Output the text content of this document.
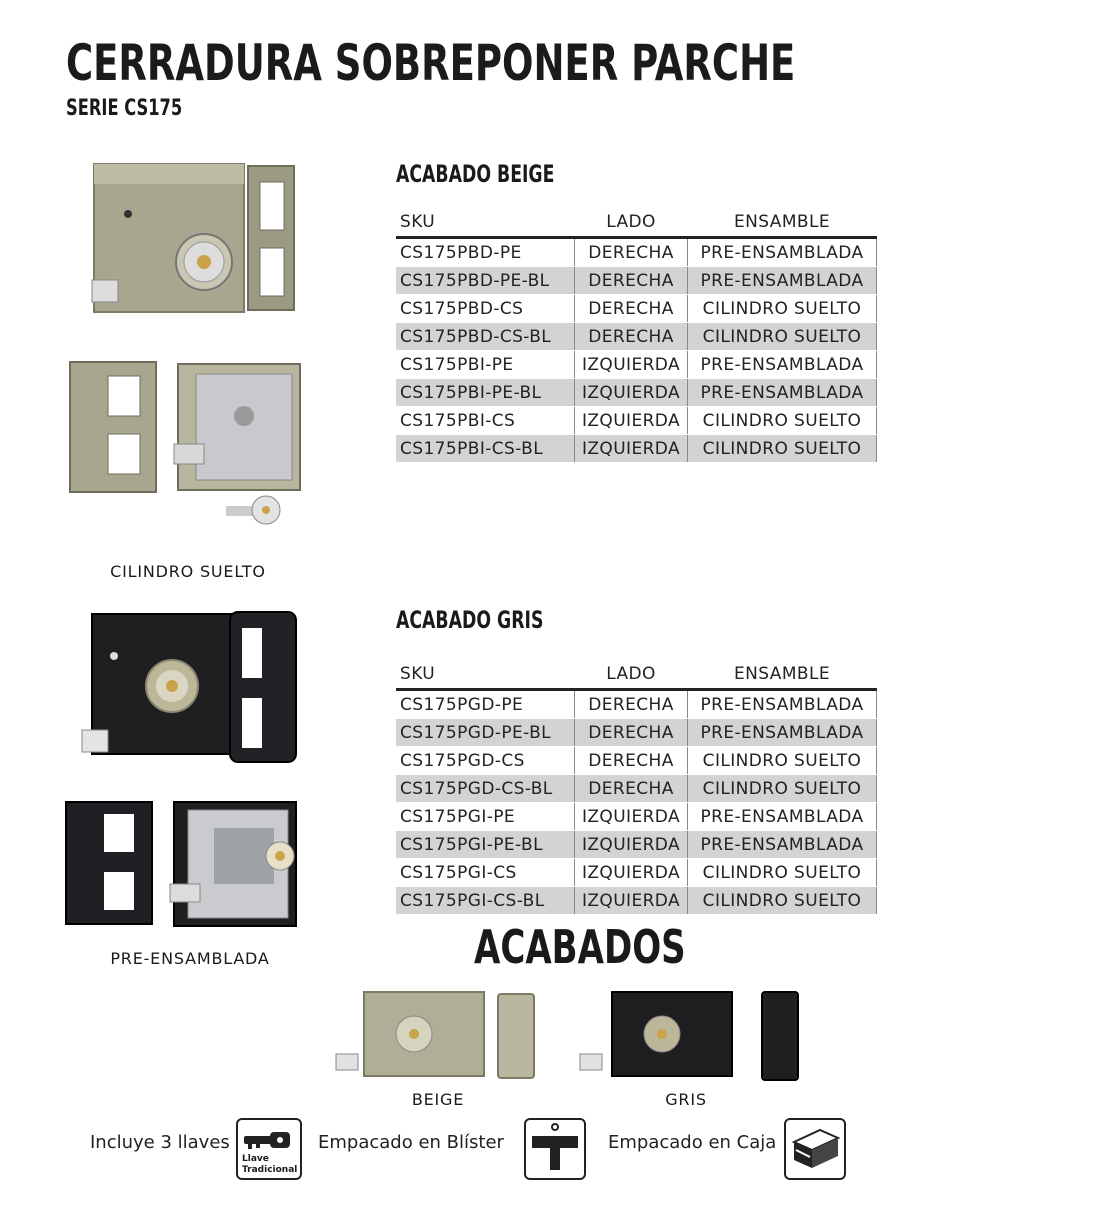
CERRADURA SOBREPONER PARCHE
SERIE CS175
CILINDRO SUELTO
ACABADO BEIGE
SKU	LADO	ENSAMBLE
CS175PBD-PE	DERECHA	PRE-ENSAMBLADA
CS175PBD-PE-BL	DERECHA	PRE-ENSAMBLADA
CS175PBD-CS	DERECHA	CILINDRO SUELTO
CS175PBD-CS-BL	DERECHA	CILINDRO SUELTO
CS175PBI-PE	IZQUIERDA	PRE-ENSAMBLADA
CS175PBI-PE-BL	IZQUIERDA	PRE-ENSAMBLADA
CS175PBI-CS	IZQUIERDA	CILINDRO SUELTO
CS175PBI-CS-BL	IZQUIERDA	CILINDRO SUELTO
PRE-ENSAMBLADA
ACABADO GRIS
SKU	LADO	ENSAMBLE
CS175PGD-PE	DERECHA	PRE-ENSAMBLADA
CS175PGD-PE-BL	DERECHA	PRE-ENSAMBLADA
CS175PGD-CS	DERECHA	CILINDRO SUELTO
CS175PGD-CS-BL	DERECHA	CILINDRO SUELTO
CS175PGI-PE	IZQUIERDA	PRE-ENSAMBLADA
CS175PGI-PE-BL	IZQUIERDA	PRE-ENSAMBLADA
CS175PGI-CS	IZQUIERDA	CILINDRO SUELTO
CS175PGI-CS-BL	IZQUIERDA	CILINDRO SUELTO
ACABADOS
BEIGE	GRIS
Incluye 3 llaves
Llave
Tradicional
Empacado en Blíster	Empacado en Caja
